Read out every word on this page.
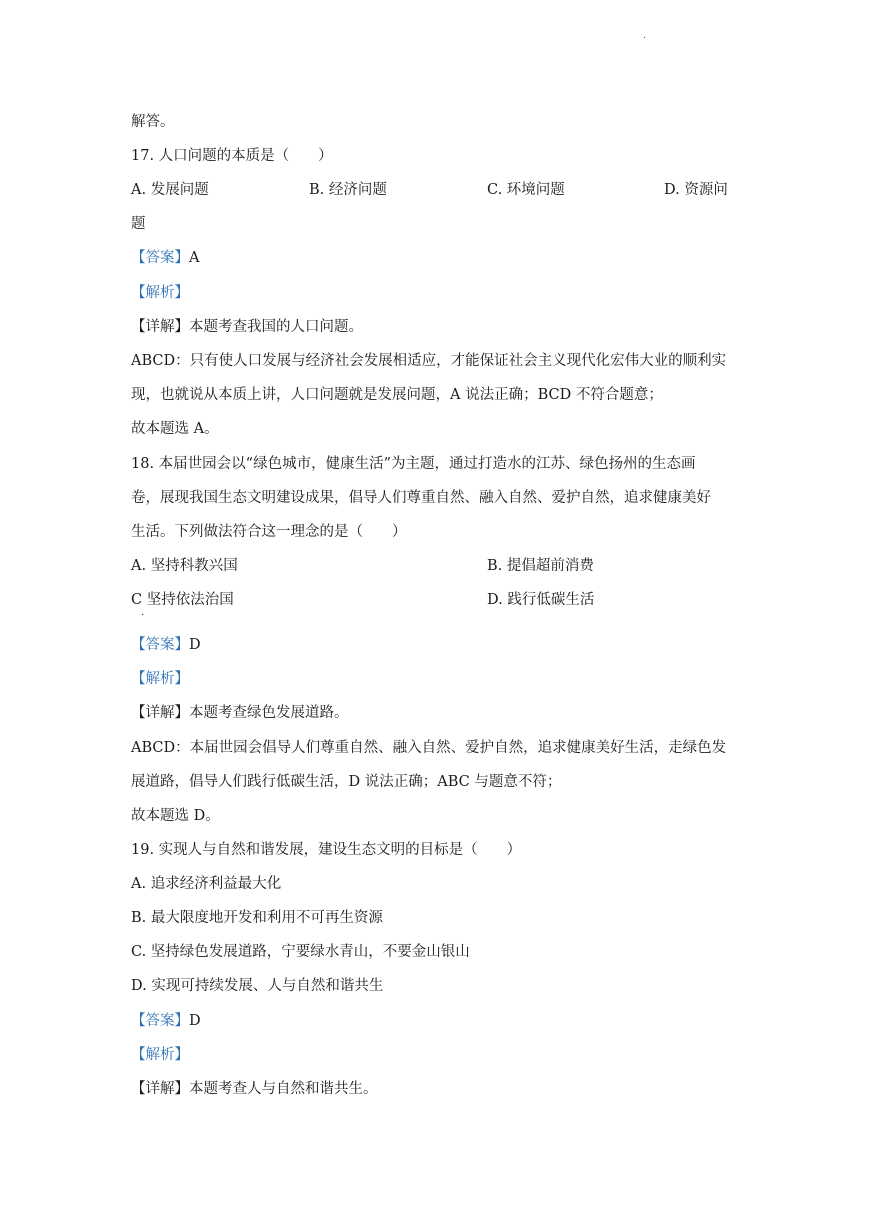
.
解答。
17. 人口问题的本质是（　　）
A. 发展问题	B. 经济问题	C. 环境问题	D. 资源问
题
【答案】A
【解析】
【详解】本题考查我国的人口问题。
ABCD：只有使人口发展与经济社会发展相适应，才能保证社会主义现代化宏伟大业的顺利实
现，也就说从本质上讲，人口问题就是发展问题，A 说法正确；BCD 不符合题意；
故本题选 A。
18. 本届世园会以“绿色城市，健康生活”为主题，通过打造水的江苏、绿色扬州的生态画
卷，展现我国生态文明建设成果，倡导人们尊重自然、融入自然、爱护自然，追求健康美好
生活。下列做法符合这一理念的是（　　）
A. 坚持科教兴国	B. 提倡超前消费
C 坚持依法治国	D. 践行低碳生活
.
【答案】D
【解析】
【详解】本题考查绿色发展道路。
ABCD：本届世园会倡导人们尊重自然、融入自然、爱护自然，追求健康美好生活，走绿色发
展道路，倡导人们践行低碳生活，D 说法正确；ABC 与题意不符；
故本题选 D。
19. 实现人与自然和谐发展，建设生态文明的目标是（　　）
A. 追求经济利益最大化
B. 最大限度地开发和利用不可再生资源
C. 坚持绿色发展道路，宁要绿水青山，不要金山银山
D. 实现可持续发展、人与自然和谐共生
【答案】D
【解析】
【详解】本题考查人与自然和谐共生。
